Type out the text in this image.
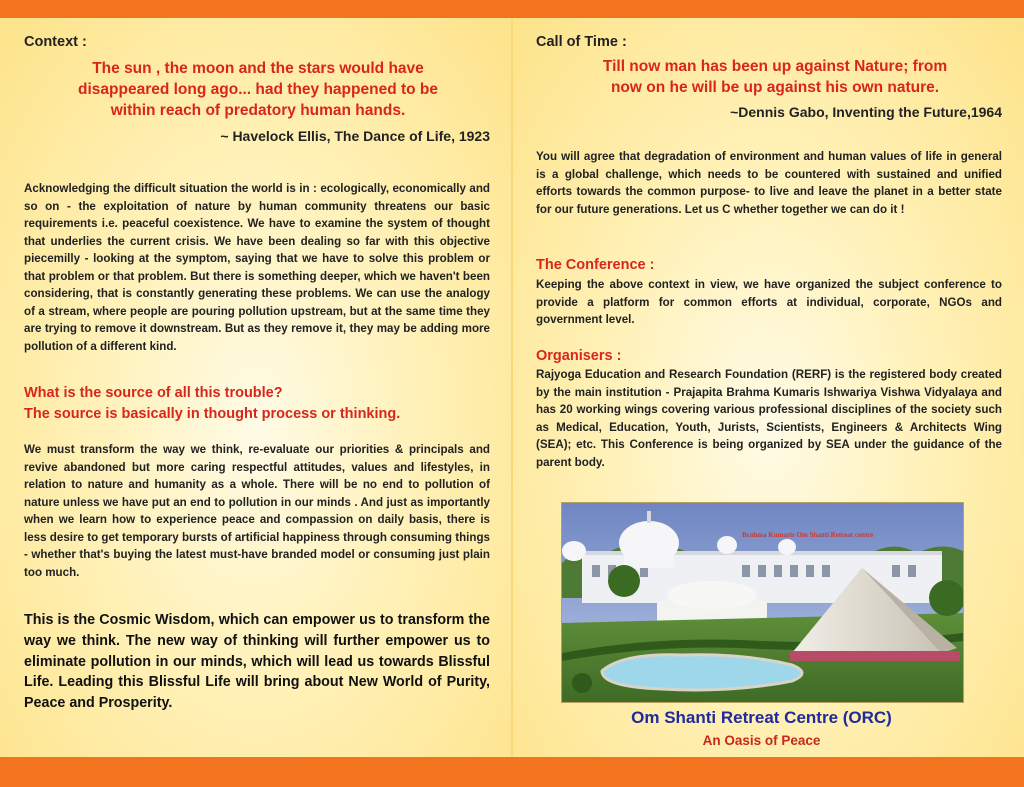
Context :
The sun , the moon and the stars would have disappeared long ago... had they happened to be within reach of predatory human hands.
~ Havelock Ellis, The Dance of Life, 1923
Acknowledging the difficult situation the world is in : ecologically, economically and so on - the exploitation of nature by human community threatens our basic requirements i.e. peaceful coexistence. We have to examine the system of thought that underlies the current crisis. We have been dealing so far with this objective piecemilly - looking at the symptom, saying that we have to solve this problem or that problem or that problem. But there is something deeper, which we haven't been considering, that is constantly generating these problems. We can use the analogy of a stream, where people are pouring pollution upstream, but at the same time they are trying to remove it downstream. But as they remove it, they may be adding more pollution of a different kind.
What is the source of all this trouble?
The source is basically in thought process or thinking.
We must transform the way we think, re-evaluate our priorities & principals and revive abandoned but more caring respectful attitudes, values and lifestyles, in relation to nature and humanity as a whole. There will be no end to pollution of nature unless we have put an end to pollution in our minds . And just as importantly when we learn how to experience peace and compassion on daily basis, there is less desire to get temporary bursts of artificial happiness through consuming things - whether that's buying the latest must-have branded model or consuming just plain too much.
This is the Cosmic Wisdom, which can empower us to transform the way we think. The new way of thinking will further empower us to eliminate pollution in our minds, which will lead us towards Blissful Life. Leading this Blissful Life will bring about New World of Purity, Peace and Prosperity.
Call of Time :
Till now man has been up against Nature; from
now on he will be up against his own nature.
~Dennis Gabo, Inventing the Future,1964
You will agree that degradation of environment and human values of life in general is a global challenge, which needs to be countered with sustained and unified efforts towards the common purpose- to live and leave the planet in a better state for our future generations. Let us C whether together we can do it !
The Conference :
Keeping the above context in view, we have organized the subject conference to provide a platform for common efforts at individual, corporate, NGOs and government level.
Organisers :
Rajyoga Education and Research Foundation (RERF) is the registered body created by the main institution - Prajapita Brahma Kumaris Ishwariya Vishwa Vidyalaya and has 20 working wings covering various professional disciplines of the society such as Medical, Education, Youth, Jurists, Scientists, Engineers & Architects Wing (SEA); etc. This Conference is being organized by SEA under the guidance of the parent body.
Brahma Kumaris Om Shanti Retreat centre
Om Shanti Retreat Centre (ORC)
An Oasis of Peace
